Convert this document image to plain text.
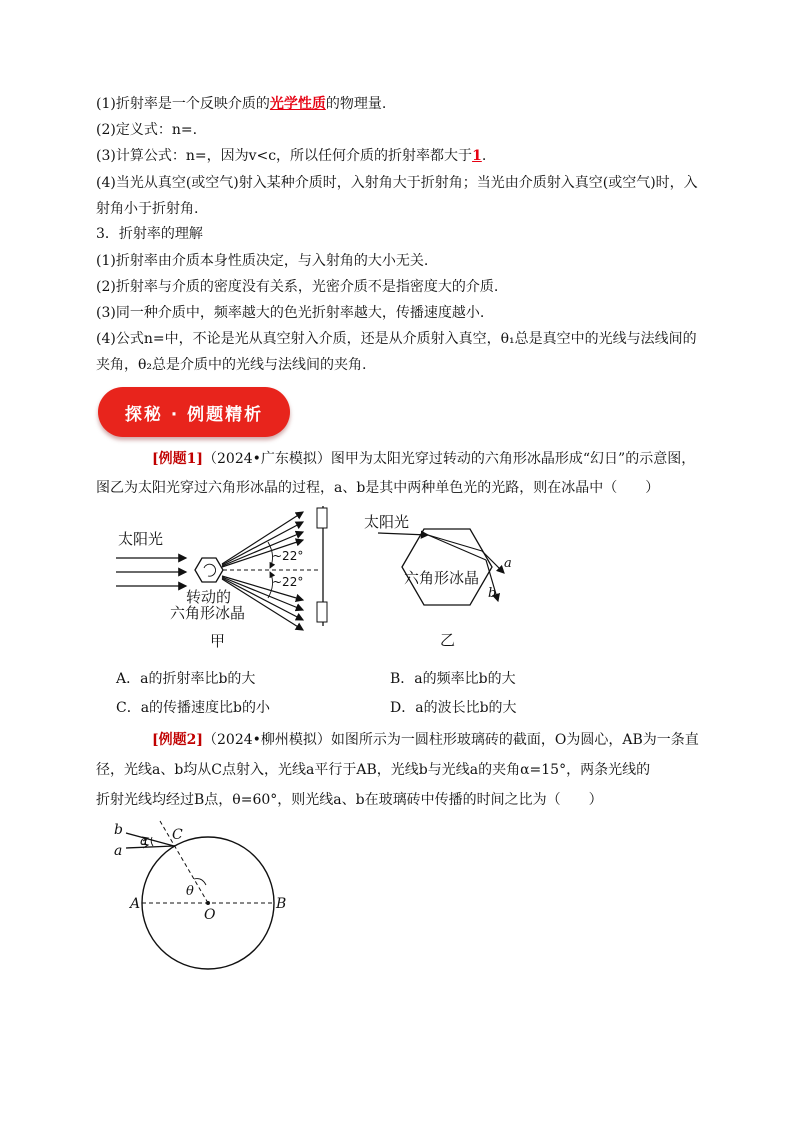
(1)折射率是一个反映介质的光学性质的物理量.
(2)定义式：n=.
(3)计算公式：n=，因为v<c，所以任何介质的折射率都大于1.
(4)当光从真空(或空气)射入某种介质时，入射角大于折射角；当光由介质射入真空(或空气)时，入
射角小于折射角.
3．折射率的理解
(1)折射率由介质本身性质决定，与入射角的大小无关.
(2)折射率与介质的密度没有关系，光密介质不是指密度大的介质.
(3)同一种介质中，频率越大的色光折射率越大，传播速度越小.
(4)公式n=中，不论是光从真空射入介质，还是从介质射入真空，θ₁总是真空中的光线与法线间的
夹角，θ₂总是介质中的光线与法线间的夹角.
探秘 · 例题精析
[例题1]（2024•广东模拟）图甲为太阳光穿过转动的六角形冰晶形成“幻日”的示意图，
图乙为太阳光穿过六角形冰晶的过程，a、b是其中两种单色光的光路，则在冰晶中（　　）
太阳光
~22°
~22°
转动的
六角形冰晶
甲
太阳光
a
b
六角形冰晶
乙
A．a的折射率比b的大	B．a的频率比b的大
C．a的传播速度比b的小	D．a的波长比b的大
[例题2]（2024•柳州模拟）如图所示为一圆柱形玻璃砖的截面，O为圆心，AB为一条直
径，光线a、b均从C点射入，光线a平行于AB，光线b与光线a的夹角α=15°，两条光线的
折射光线均经过B点，θ=60°，则光线a、b在玻璃砖中传播的时间之比为（　　）
b
a
α C
θ
A
O
B
